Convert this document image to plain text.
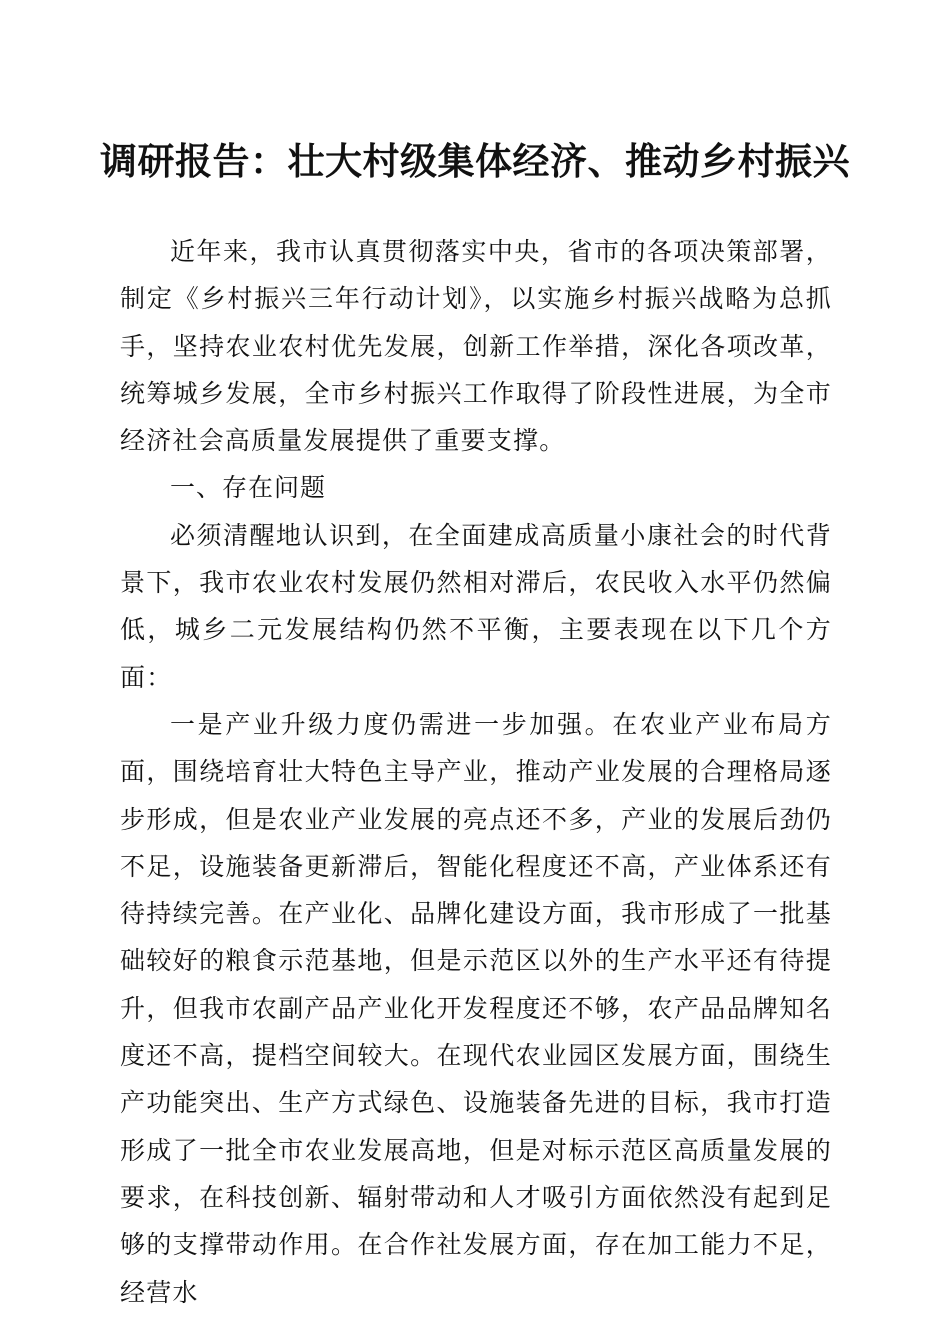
调研报告：壮大村级集体经济、推动乡村振兴

近年来，我市认真贯彻落实中央，省市的各项决策部署，制定《乡村振兴三年行动计划》，以实施乡村振兴战略为总抓手，坚持农业农村优先发展，创新工作举措，深化各项改革，统筹城乡发展，全市乡村振兴工作取得了阶段性进展，为全市经济社会高质量发展提供了重要支撑。

一、存在问题

必须清醒地认识到，在全面建成高质量小康社会的时代背景下，我市农业农村发展仍然相对滞后，农民收入水平仍然偏低，城乡二元发展结构仍然不平衡，主要表现在以下几个方面：

一是产业升级力度仍需进一步加强。在农业产业布局方面，围绕培育壮大特色主导产业，推动产业发展的合理格局逐步形成，但是农业产业发展的亮点还不多，产业的发展后劲仍不足，设施装备更新滞后，智能化程度还不高，产业体系还有待持续完善。在产业化、品牌化建设方面，我市形成了一批基础较好的粮食示范基地，但是示范区以外的生产水平还有待提升，但我市农副产品产业化开发程度还不够，农产品品牌知名度还不高，提档空间较大。在现代农业园区发展方面，围绕生产功能突出、生产方式绿色、设施装备先进的目标，我市打造形成了一批全市农业发展高地，但是对标示范区高质量发展的要求，在科技创新、辐射带动和人才吸引方面依然没有起到足够的支撑带动作用。在合作社发展方面，存在加工能力不足，经营水
